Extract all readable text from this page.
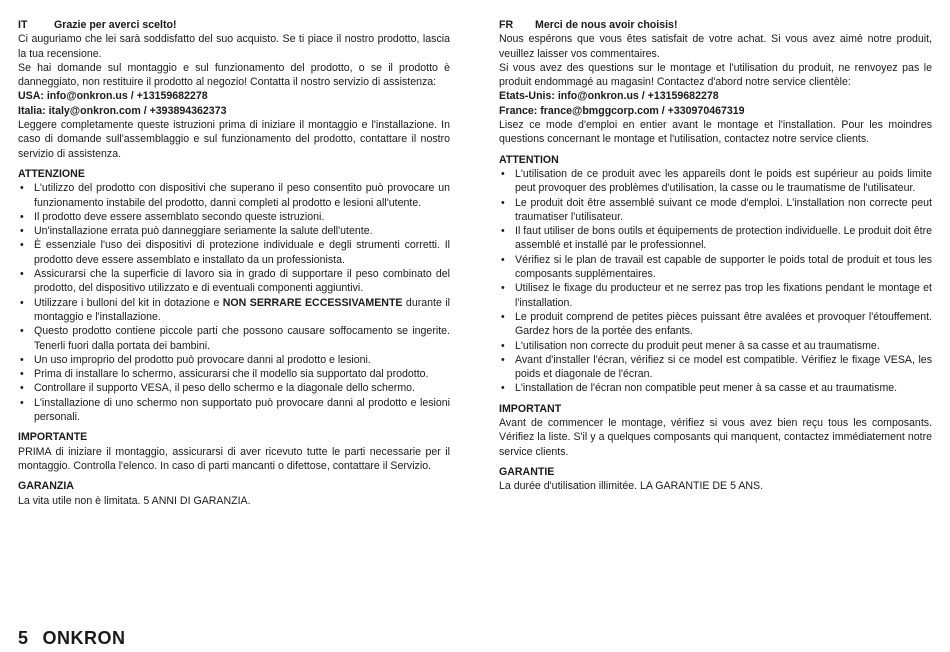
IT	Grazie per averci scelto!

Ci auguriamo che lei sarà soddisfatto del suo acquisto. Se ti piace il nostro prodotto, lascia la tua recensione.

Se hai domande sul montaggio e sul funzionamento del prodotto, o se il prodotto è danneggiato, non restituire il prodotto al negozio! Contatta il nostro servizio di assistenza:

USA: info@onkron.us / +13159682278

Italia: italy@onkron.com / +393894362373

Leggere completamente queste istruzioni prima di iniziare il montaggio e l'installazione. In caso di domande sull'assemblaggio e sul funzionamento del prodotto, contattare il nostro servizio di assistenza.

ATTENZIONE

• L'utilizzo del prodotto con dispositivi che superano il peso consentito può provocare un funzionamento instabile del prodotto, danni completi al prodotto e lesioni all'utente.
• Il prodotto deve essere assemblato secondo queste istruzioni.
• Un'installazione errata può danneggiare seriamente la salute dell'utente.
• È essenziale l'uso dei dispositivi di protezione individuale e degli strumenti corretti. Il prodotto deve essere assemblato e installato da un professionista.
• Assicurarsi che la superficie di lavoro sia in grado di supportare il peso combinato del prodotto, del dispositivo utilizzato e di eventuali componenti aggiuntivi.
• Utilizzare i bulloni del kit in dotazione e NON SERRARE ECCESSIVAMENTE durante il montaggio e l'installazione.
• Questo prodotto contiene piccole parti che possono causare soffocamento se ingerite. Tenerli fuori dalla portata dei bambini.
• Un uso improprio del prodotto può provocare danni al prodotto e lesioni.
• Prima di installare lo schermo, assicurarsi che il modello sia supportato dal prodotto.
• Controllare il supporto VESA, il peso dello schermo e la diagonale dello schermo.
• L'installazione di uno schermo non supportato può provocare danni al prodotto e lesioni personali.

IMPORTANTE

PRIMA di iniziare il montaggio, assicurarsi di aver ricevuto tutte le parti necessarie per il montaggio. Controlla l'elenco. In caso di parti mancanti o difettose, contattare il Servizio.

GARANZIA

La vita utile non è limitata. 5 ANNI DI GARANZIA.

FR Merci de nous avoir choisis!

Nous espérons que vous êtes satisfait de votre achat. Si vous avez aimé notre produit, veuillez laisser vos commentaires.

Si vous avez des questions sur le montage et l'utilisation du produit, ne renvoyez pas le produit endommagé au magasin! Contactez d'abord notre service clientèle:

Etats-Unis: info@onkron.us / +13159682278

France: france@bmggcorp.com / +330970467319

Lisez ce mode d'emploi en entier avant le montage et l'installation. Pour les moindres questions concernant le montage et l'utilisation, contactez notre service clients.

ATTENTION

• L'utilisation de ce produit avec les appareils dont le poids est supérieur au poids limite peut provoquer des problèmes d'utilisation, la casse ou le traumatisme de l'utilisateur.
• Le produit doit être assemblé suivant ce mode d'emploi. L'installation non correcte peut traumatiser l'utilisateur.
• Il faut utiliser de bons outils et équipements de protection individuelle. Le produit doit être assemblé et installé par le professionnel.
• Vérifiez si le plan de travail est capable de supporter le poids total de produit et tous les composants supplémentaires.
• Utilisez le fixage du producteur et ne serrez pas trop les fixations pendant le montage et l'installation.
• Le produit comprend de petites pièces puissant être avalées et provoquer l'étouffement. Gardez hors de la portée des enfants.
• L'utilisation non correcte du produit peut mener à sa casse et au traumatisme.
• Avant d'installer l'écran, vérifiez si ce model est compatible. Vérifiez le fixage VESA, les poids et diagonale de l'écran.
• L'installation de l'écran non compatible peut mener à sa casse et au traumatisme.

IMPORTANT

Avant de commencer le montage, vérifiez si vous avez bien reçu tous les composants. Vérifiez la liste. S'il y a quelques composants qui manquent, contactez immédiatement notre service clients.

GARANTIE

La durée d'utilisation illimitée. LA GARANTIE DE 5 ANS.

5 ONKRON
